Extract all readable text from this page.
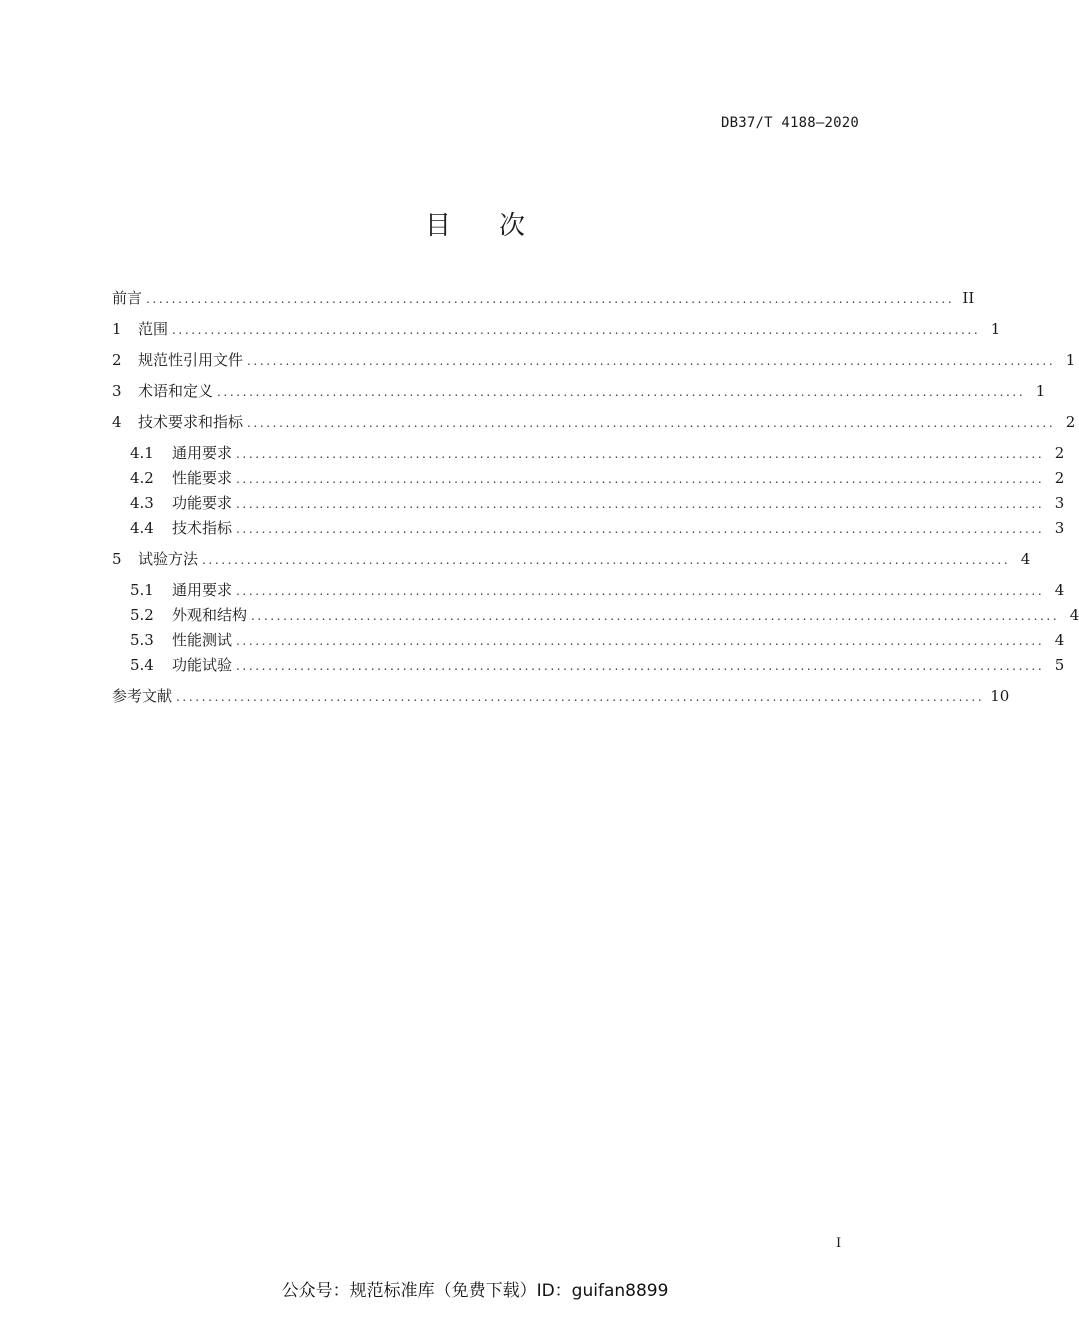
DB37/T 4188—2020
目 次
前言 .............................................................................................................................. II
1	范围 .............................................................................................................................. 1
2	规范性引用文件 .............................................................................................................................. 1
3	术语和定义 .............................................................................................................................. 1
4	技术要求和指标 .............................................................................................................................. 2
4.1	通用要求 .............................................................................................................................. 2
4.2	性能要求 .............................................................................................................................. 2
4.3	功能要求 .............................................................................................................................. 3
4.4	技术指标 .............................................................................................................................. 3
5	试验方法 .............................................................................................................................. 4
5.1	通用要求 .............................................................................................................................. 4
5.2	外观和结构 .............................................................................................................................. 4
5.3	性能测试 .............................................................................................................................. 4
5.4	功能试验 .............................................................................................................................. 5
参考文献 .............................................................................................................................. 10
I
公众号：规范标准库（免费下载）ID：guifan8899
